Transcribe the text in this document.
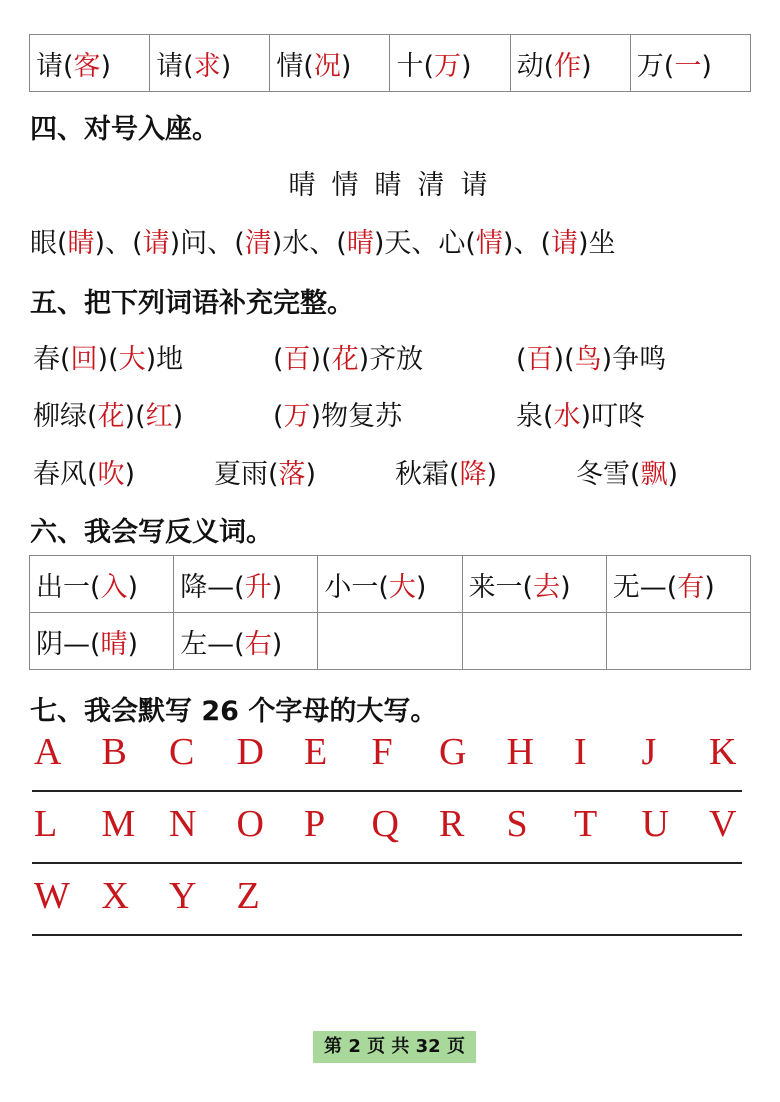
请(客)	请(求)	情(况)	十(万)	动(作)	万(一)
四、对号入座。
晴 情 睛 清 请
眼(睛)、(请)问、(清)水、(晴)天、心(情)、(请)坐
五、把下列词语补充完整。
春(回)(大)地	(百)(花)齐放	(百)(鸟)争鸣
柳绿(花)(红)	(万)物复苏	泉(水)叮咚
春风(吹)	夏雨(落)	秋霜(降)	冬雪(飘)
六、我会写反义词。
出一(入)	降—(升)	小一(大)	来一(去)	无—(有)
阴—(晴)	左—(右)			
七、我会默写 26 个字母的大写。
A B C D E F G H I J K
L M N O P Q R S T U V
W X Y Z
第 2 页 共 32 页
